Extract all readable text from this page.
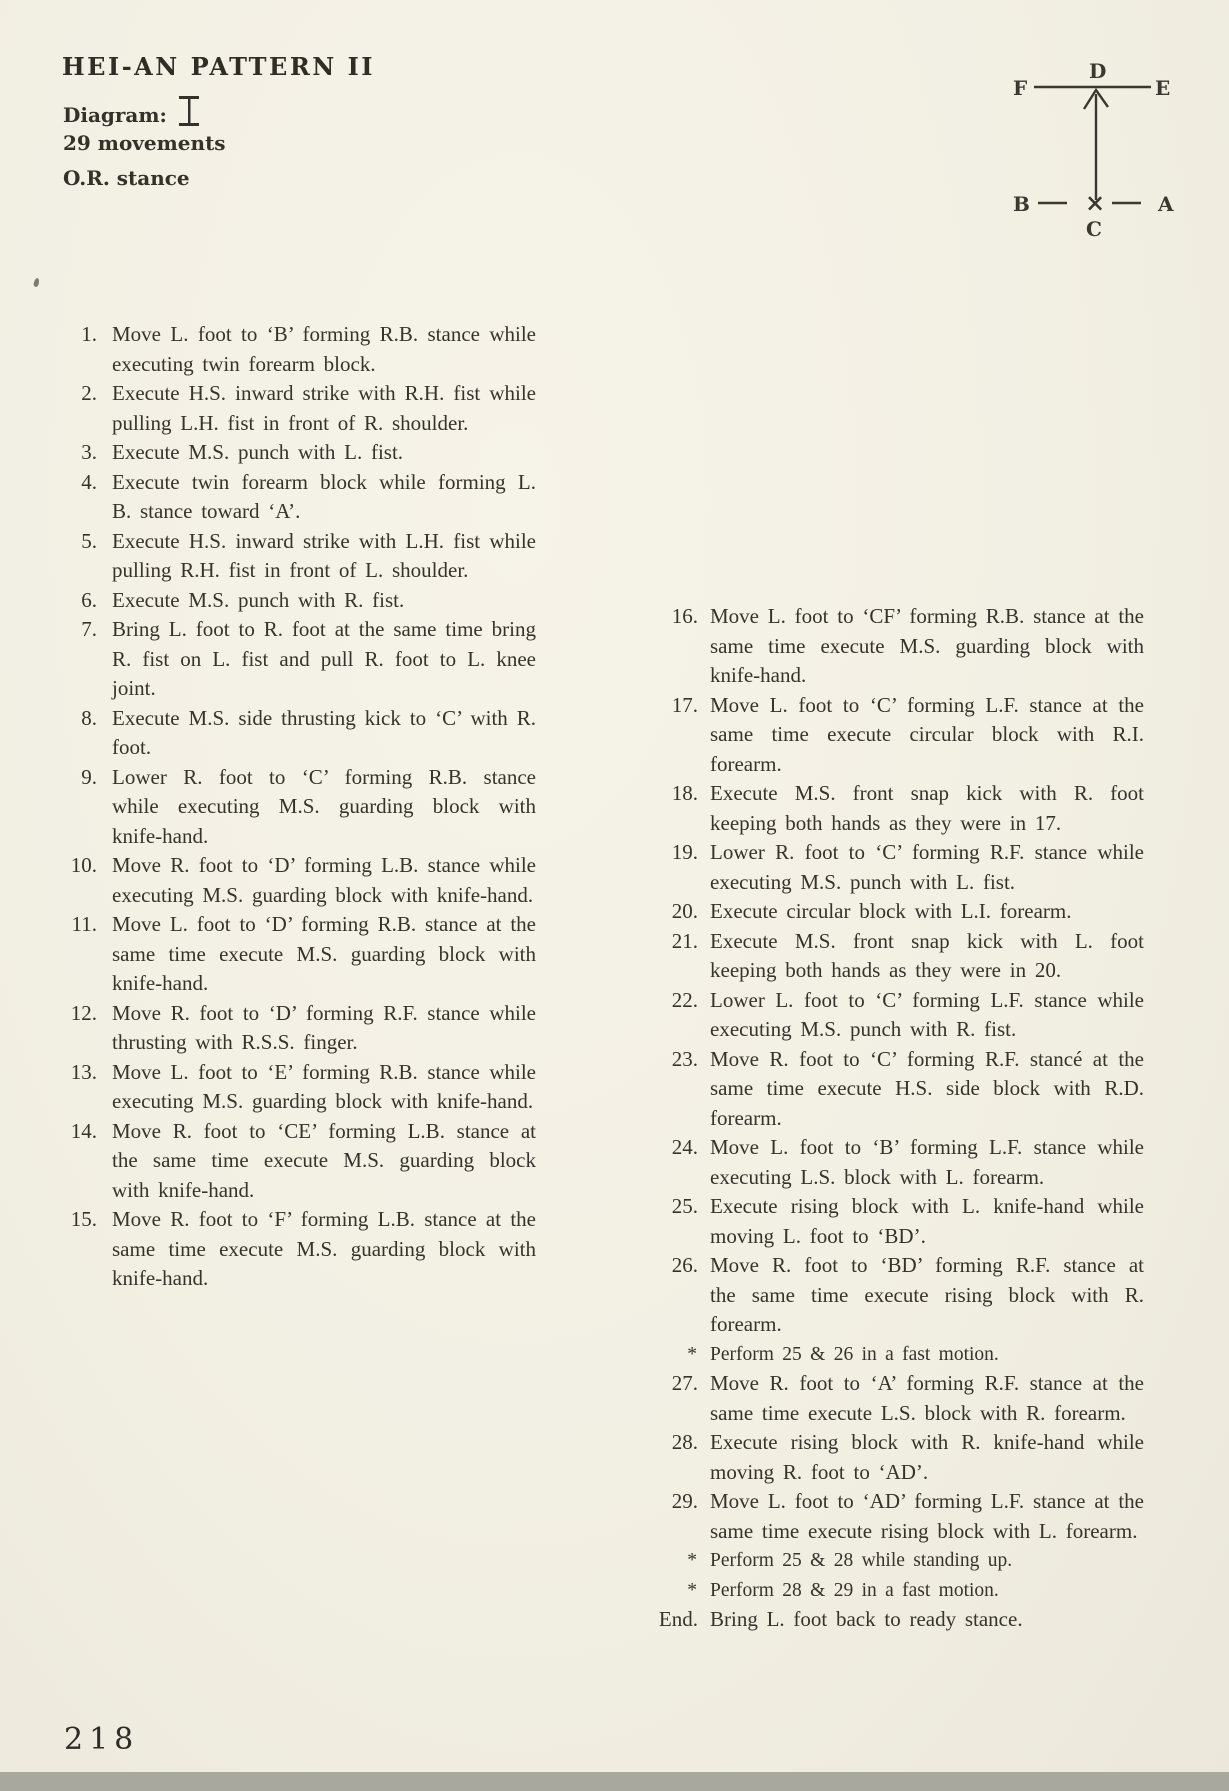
HEI-AN PATTERN II
Diagram:
29 movements
O.R. stance
D
F	E
B	A
×
C
1. Move L. foot to ‘B’ forming R.B. stance while executing twin forearm block.
2. Execute H.S. inward strike with R.H. fist while pulling L.H. fist in front of R. shoulder.
3. Execute M.S. punch with L. fist.
4. Execute twin forearm block while forming L. B. stance toward ‘A’.
5. Execute H.S. inward strike with L.H. fist while pulling R.H. fist in front of L. shoulder.
6. Execute M.S. punch with R. fist.
7. Bring L. foot to R. foot at the same time bring R. fist on L. fist and pull R. foot to L. knee joint.
8. Execute M.S. side thrusting kick to ‘C’ with R. foot.
9. Lower R. foot to ‘C’ forming R.B. stance while executing M.S. guarding block with knife-hand.
10. Move R. foot to ‘D’ forming L.B. stance while executing M.S. guarding block with knife-hand.
11. Move L. foot to ‘D’ forming R.B. stance at the same time execute M.S. guarding block with knife-hand.
12. Move R. foot to ‘D’ forming R.F. stance while thrusting with R.S.S. finger.
13. Move L. foot to ‘E’ forming R.B. stance while executing M.S. guarding block with knife-hand.
14. Move R. foot to ‘CE’ forming L.B. stance at the same time execute M.S. guarding block with knife-hand.
15. Move R. foot to ‘F’ forming L.B. stance at the same time execute M.S. guarding block with knife-hand.
16. Move L. foot to ‘CF’ forming R.B. stance at the same time execute M.S. guarding block with knife-hand.
17. Move L. foot to ‘C’ forming L.F. stance at the same time execute circular block with R.I. forearm.
18. Execute M.S. front snap kick with R. foot keeping both hands as they were in 17.
19. Lower R. foot to ‘C’ forming R.F. stance while executing M.S. punch with L. fist.
20. Execute circular block with L.I. forearm.
21. Execute M.S. front snap kick with L. foot keeping both hands as they were in 20.
22. Lower L. foot to ‘C’ forming L.F. stance while executing M.S. punch with R. fist.
23. Move R. foot to ‘C’ forming R.F. stancé at the same time execute H.S. side block with R.D. forearm.
24. Move L. foot to ‘B’ forming L.F. stance while executing L.S. block with L. forearm.
25. Execute rising block with L. knife-hand while moving L. foot to ‘BD’.
26. Move R. foot to ‘BD’ forming R.F. stance at the same time execute rising block with R. forearm.
* Perform 25 & 26 in a fast motion.
27. Move R. foot to ‘A’ forming R.F. stance at the same time execute L.S. block with R. forearm.
28. Execute rising block with R. knife-hand while moving R. foot to ‘AD’.
29. Move L. foot to ‘AD’ forming L.F. stance at the same time execute rising block with L. forearm.
* Perform 25 & 28 while standing up.
* Perform 28 & 29 in a fast motion.
End. Bring L. foot back to ready stance.
218
